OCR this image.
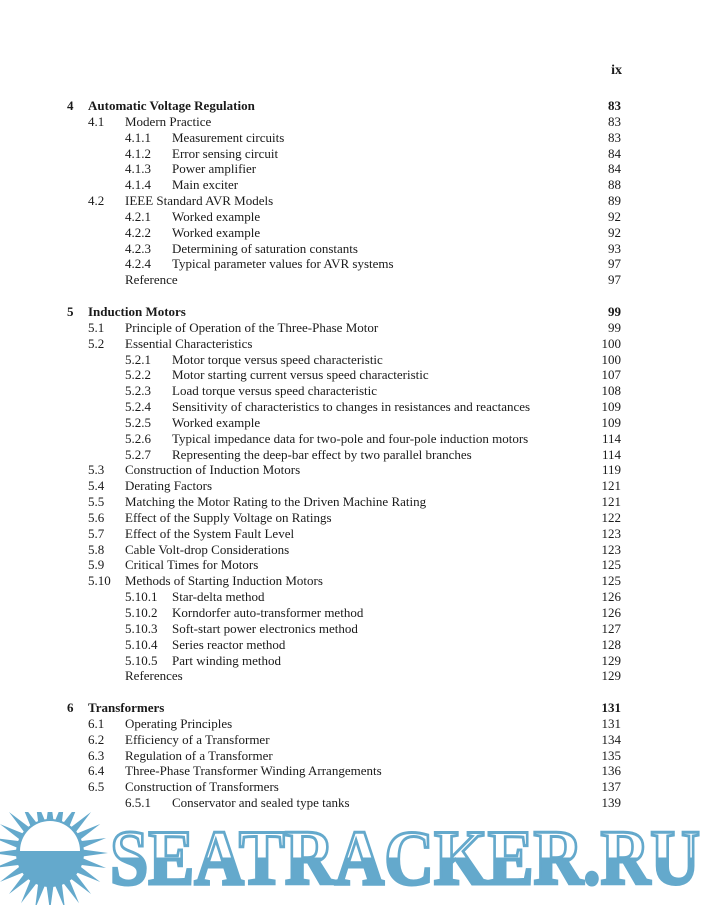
ix
4 Automatic Voltage Regulation	83
4.1 Modern Practice	83
4.1.1 Measurement circuits	83
4.1.2 Error sensing circuit	84
4.1.3 Power amplifier	84
4.1.4 Main exciter	88
4.2 IEEE Standard AVR Models	89
4.2.1 Worked example	92
4.2.2 Worked example	92
4.2.3 Determining of saturation constants	93
4.2.4 Typical parameter values for AVR systems	97
Reference	97
5 Induction Motors	99
5.1 Principle of Operation of the Three-Phase Motor	99
5.2 Essential Characteristics	100
5.2.1 Motor torque versus speed characteristic	100
5.2.2 Motor starting current versus speed characteristic	107
5.2.3 Load torque versus speed characteristic	108
5.2.4 Sensitivity of characteristics to changes in resistances and reactances	109
5.2.5 Worked example	109
5.2.6 Typical impedance data for two-pole and four-pole induction motors	114
5.2.7 Representing the deep-bar effect by two parallel branches	114
5.3 Construction of Induction Motors	119
5.4 Derating Factors	121
5.5 Matching the Motor Rating to the Driven Machine Rating	121
5.6 Effect of the Supply Voltage on Ratings	122
5.7 Effect of the System Fault Level	123
5.8 Cable Volt-drop Considerations	123
5.9 Critical Times for Motors	125
5.10 Methods of Starting Induction Motors	125
5.10.1 Star-delta method	126
5.10.2 Korndorfer auto-transformer method	126
5.10.3 Soft-start power electronics method	127
5.10.4 Series reactor method	128
5.10.5 Part winding method	129
References	129
6 Transformers	131
6.1 Operating Principles	131
6.2 Efficiency of a Transformer	134
6.3 Regulation of a Transformer	135
6.4 Three-Phase Transformer Winding Arrangements	136
6.5 Construction of Transformers	137
6.5.1 Conservator and sealed type tanks	139
SEATRACKER.RU
